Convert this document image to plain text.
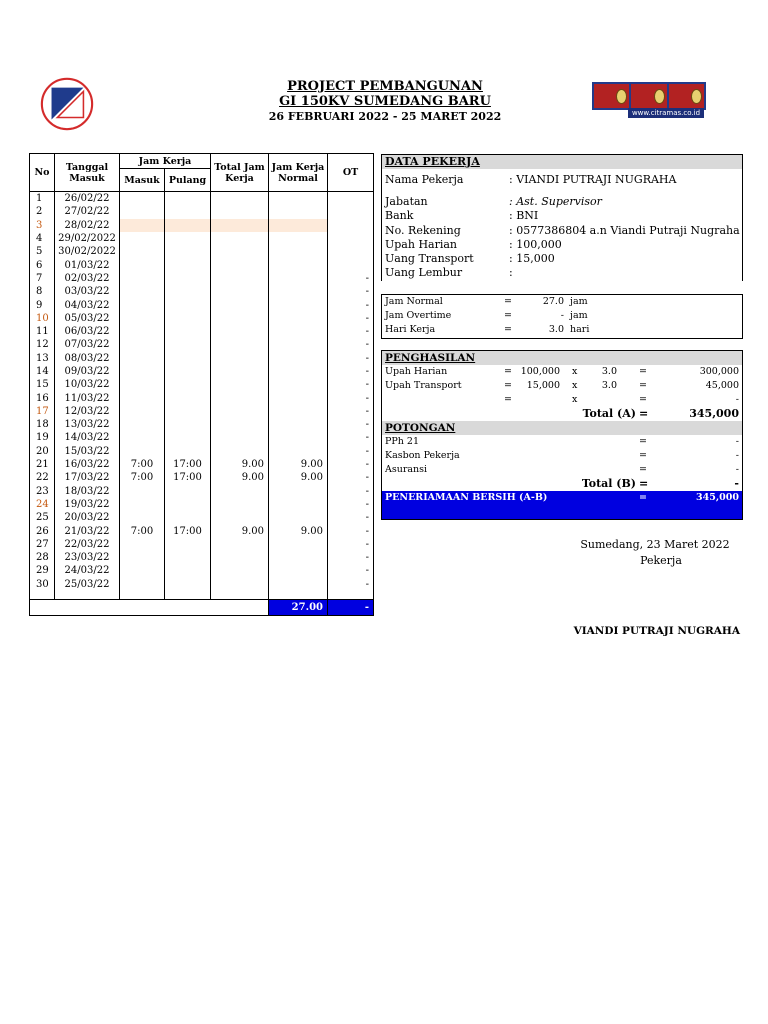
PROJECT PEMBANGUNAN
GI 150KV SUMEDANG BARU
26 FEBRUARI 2022 - 25 MARET 2022	www.citramas.co.id
No	Tanggal Masuk	Jam Kerja		Total Jam Kerja	Jam Kerja Normal	OT
		Masuk	Pulang			
1	26/02/22					
2	27/02/22					
3	28/02/22					
4	29/02/2022					
5	30/02/2022					
6	01/03/22					
7	02/03/22					-
8	03/03/22					-
9	04/03/22					-
10	05/03/22					-
11	06/03/22					-
12	07/03/22					-
13	08/03/22					-
14	09/03/22					-
15	10/03/22					-
16	11/03/22					-
17	12/03/22					-
18	13/03/22					-
19	14/03/22					-
20	15/03/22					-
21	16/03/22	7:00	17:00	9.00	9.00	-
22	17/03/22	7:00	17:00	9.00	9.00	-
23	18/03/22					-
24	19/03/22					-
25	20/03/22					-
26	21/03/22	7:00	17:00	9.00	9.00	-
27	22/03/22					-
28	23/03/22					-
29	24/03/22					-
30	25/03/22					-
					27.00	-
DATA PEKERJA
Nama Pekerja	: VIANDI PUTRAJI NUGRAHA
Jabatan	: Ast. Supervisor
Bank	: BNI
No. Rekening	: 0577386804 a.n Viandi Putraji Nugraha
Upah Harian	: 100,000
Uang Transport	: 15,000
Uang Lembur	:
Jam Normal	=	27.0 jam
Jam Overtime	=	- jam
Hari Kerja	=	3.0 hari
PENGHASILAN
Upah Harian	= 100,000 x	3.0 =	300,000
Upah Transport	= 15,000 x	3.0 =	45,000
=	x	=	-
Total (A) =	345,000
POTONGAN
PPh 21	=	-
Kasbon Pekerja	=	-
Asuransi	=	-
Total (B) =	-
PENERIAMAAN BERSIH (A-B)	=	345,000
Sumedang, 23 Maret 2022
Pekerja
VIANDI PUTRAJI NUGRAHA
